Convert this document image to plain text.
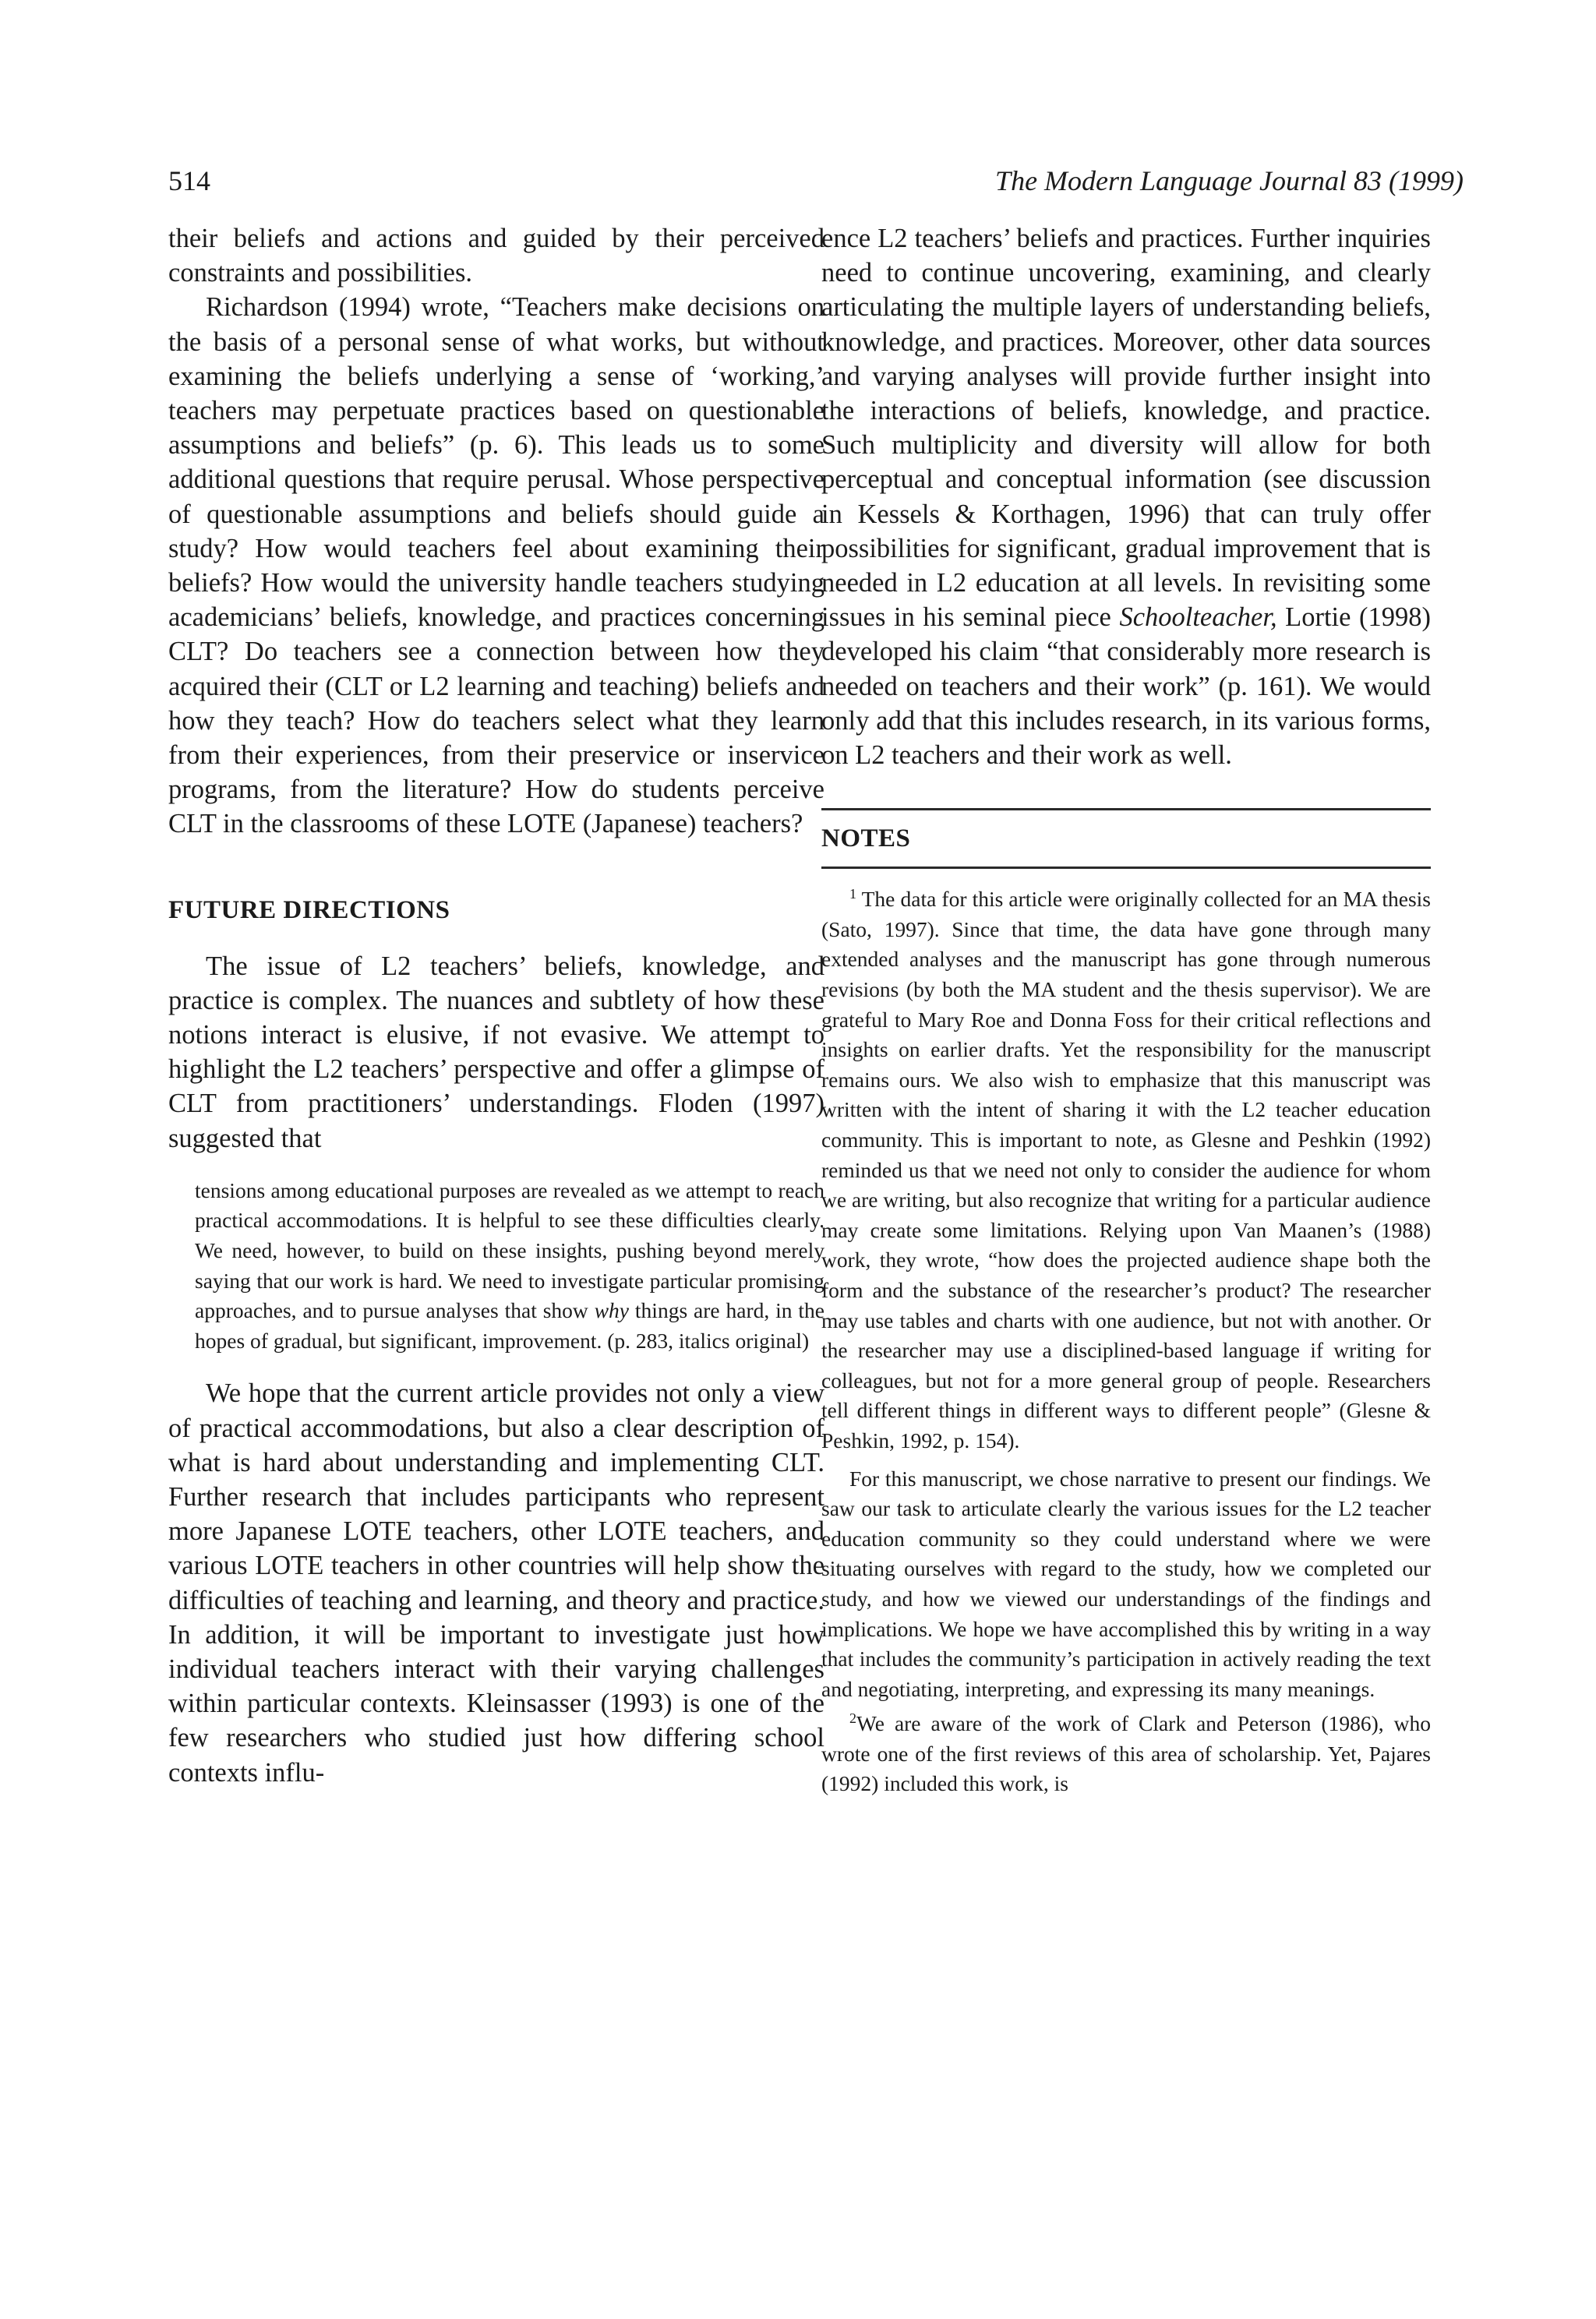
514	The Modern Language Journal 83 (1999)

their beliefs and actions and guided by their perceived constraints and possibilities.

Richardson (1994) wrote, “Teachers make decisions on the basis of a personal sense of what works, but without examining the beliefs underlying a sense of ‘working,’ teachers may perpetuate practices based on questionable assumptions and beliefs” (p. 6). This leads us to some additional questions that require perusal. Whose perspective of questionable assumptions and beliefs should guide a study? How would teachers feel about examining their beliefs? How would the university handle teachers studying academicians’ beliefs, knowledge, and practices concerning CLT? Do teachers see a connection between how they acquired their (CLT or L2 learning and teaching) beliefs and how they teach? How do teachers select what they learn from their experiences, from their preservice or inservice programs, from the literature? How do students perceive CLT in the classrooms of these LOTE (Japanese) teachers?

FUTURE DIRECTIONS

The issue of L2 teachers’ beliefs, knowledge, and practice is complex. The nuances and subtlety of how these notions interact is elusive, if not evasive. We attempt to highlight the L2 teachers’ perspective and offer a glimpse of CLT from practitioners’ understandings. Floden (1997) suggested that

tensions among educational purposes are revealed as we attempt to reach practical accommodations. It is helpful to see these difficulties clearly. We need, however, to build on these insights, pushing beyond merely saying that our work is hard. We need to investigate particular promising approaches, and to pursue analyses that show why things are hard, in the hopes of gradual, but significant, improvement. (p. 283, italics original)

We hope that the current article provides not only a view of practical accommodations, but also a clear description of what is hard about understanding and implementing CLT. Further research that includes participants who represent more Japanese LOTE teachers, other LOTE teachers, and various LOTE teachers in other countries will help show the difficulties of teaching and learning, and theory and practice. In addition, it will be important to investigate just how individual teachers interact with their varying challenges within particular contexts. Kleinsasser (1993) is one of the few researchers who studied just how differing school contexts influ-

ence L2 teachers’ beliefs and practices. Further inquiries need to continue uncovering, examining, and clearly articulating the multiple layers of understanding beliefs, knowledge, and practices. Moreover, other data sources and varying analyses will provide further insight into the interactions of beliefs, knowledge, and practice. Such multiplicity and diversity will allow for both perceptual and conceptual information (see discussion in Kessels & Korthagen, 1996) that can truly offer possibilities for significant, gradual improvement that is needed in L2 education at all levels. In revisiting some issues in his seminal piece Schoolteacher, Lortie (1998) developed his claim “that considerably more research is needed on teachers and their work” (p. 161). We would only add that this includes research, in its various forms, on L2 teachers and their work as well.

NOTES

$^1$ The data for this article were originally collected for an MA thesis (Sato, 1997). Since that time, the data have gone through many extended analyses and the manuscript has gone through numerous revisions (by both the MA student and the thesis supervisor). We are grateful to Mary Roe and Donna Foss for their critical reflections and insights on earlier drafts. Yet the responsibility for the manuscript remains ours. We also wish to emphasize that this manuscript was written with the intent of sharing it with the L2 teacher education community. This is important to note, as Glesne and Peshkin (1992) reminded us that we need not only to consider the audience for whom we are writing, but also recognize that writing for a particular audience may create some limitations. Relying upon Van Maanen’s (1988) work, they wrote, “how does the projected audience shape both the form and the substance of the researcher’s product? The researcher may use tables and charts with one audience, but not with another. Or the researcher may use a disciplined-based language if writing for colleagues, but not for a more general group of people. Researchers tell different things in different ways to different people” (Glesne & Peshkin, 1992, p. 154).

For this manuscript, we chose narrative to present our findings. We saw our task to articulate clearly the various issues for the L2 teacher education community so they could understand where we were situating ourselves with regard to the study, how we completed our study, and how we viewed our understandings of the findings and implications. We hope we have accomplished this by writing in a way that includes the community’s participation in actively reading the text and negotiating, interpreting, and expressing its many meanings.

$^2$We are aware of the work of Clark and Peterson (1986), who wrote one of the first reviews of this area of scholarship. Yet, Pajares (1992) included this work, is
